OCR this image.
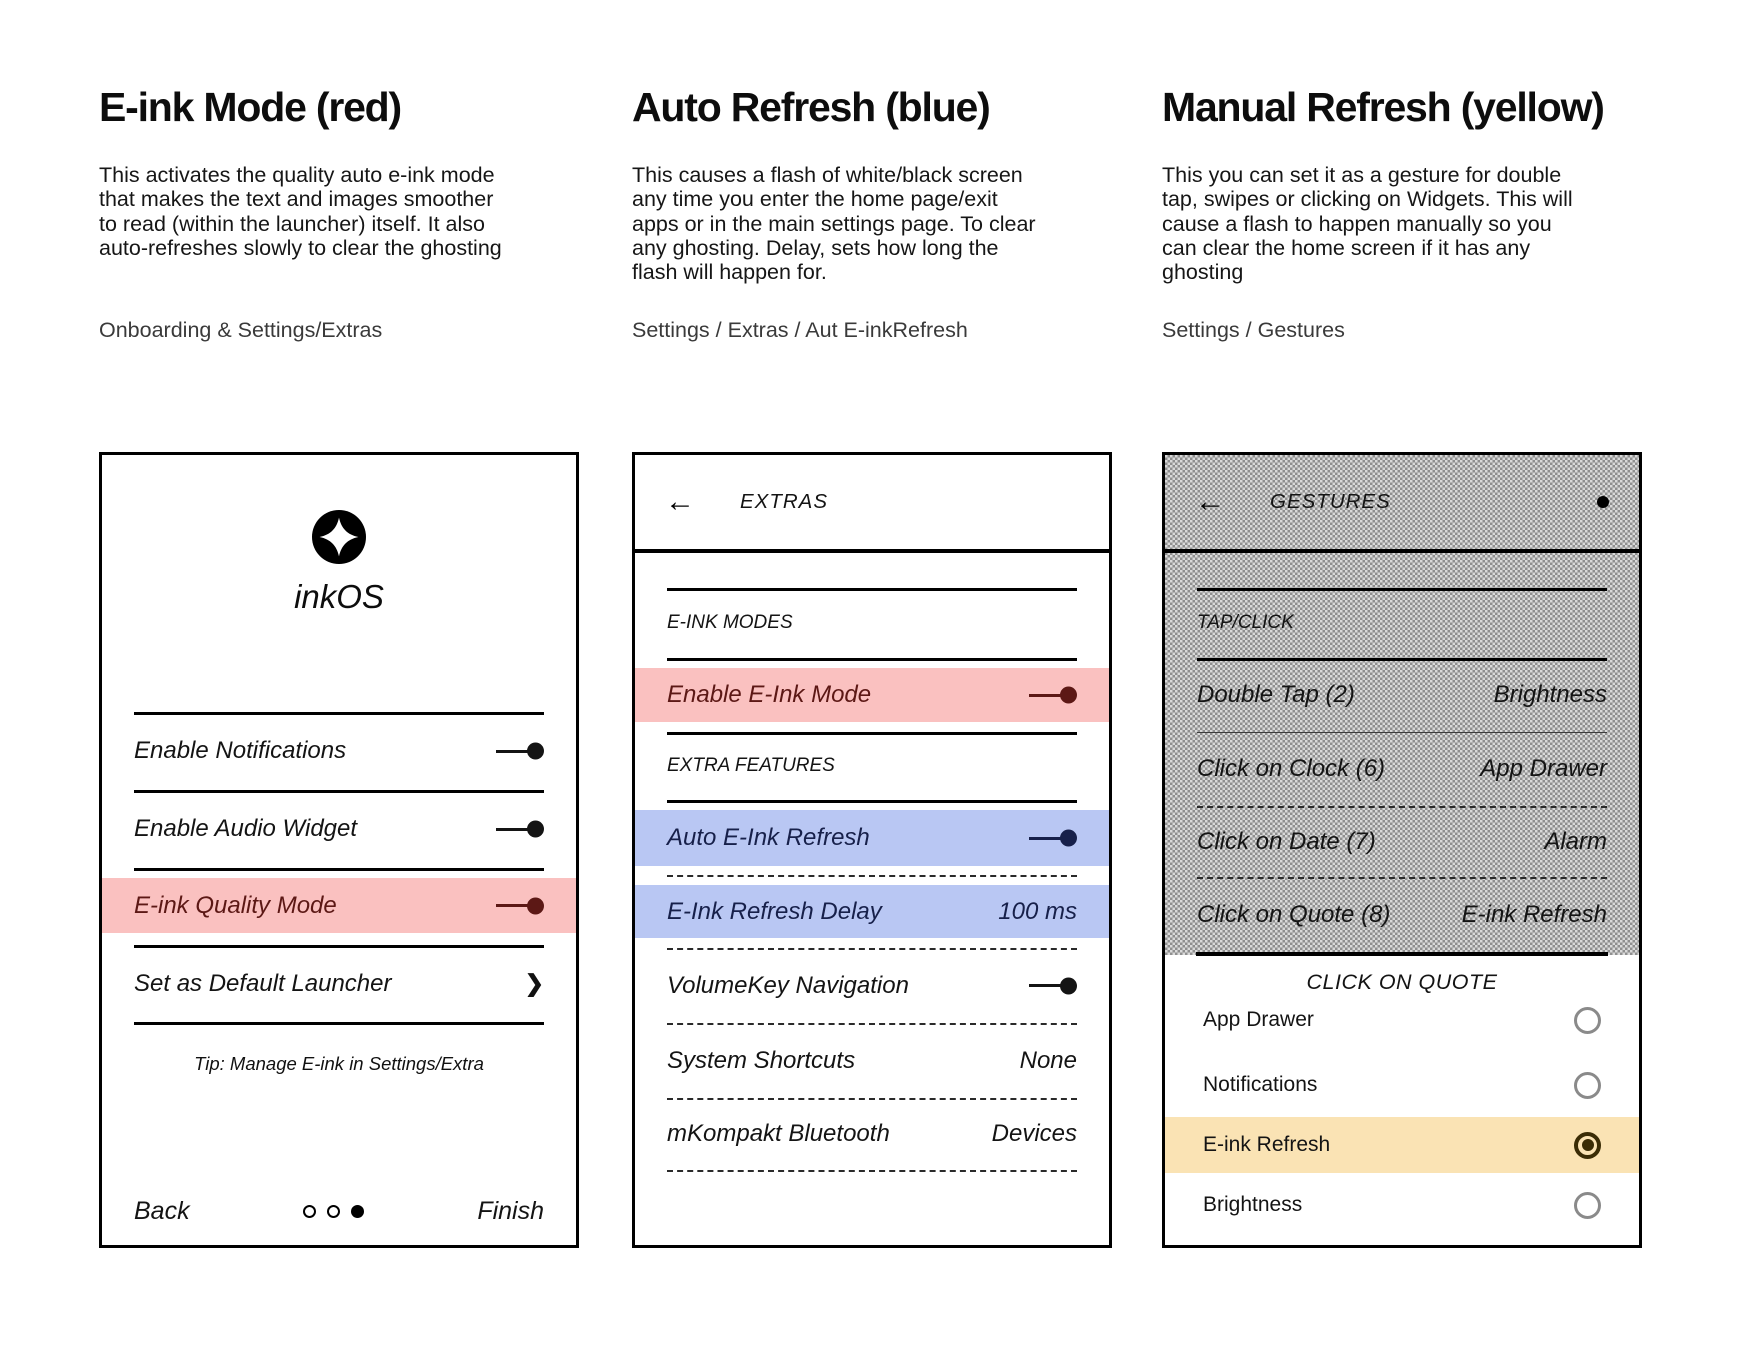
E-ink Mode (red)
This activates the quality auto e-ink mode that makes the text and images smoother to read (within the launcher) itself. It also auto-refreshes slowly to clear the ghosting
Onboarding & Settings/Extras
inkOS
Enable Notifications
Enable Audio Widget
E-ink Quality Mode
Set as Default Launcher	❯
Tip: Manage E-ink in Settings/Extra
Back	Finish
Auto Refresh (blue)
This causes a flash of white/black screen any time you enter the home page/exit apps or in the main settings page. To clear any ghosting. Delay, sets how long the flash will happen for.
Settings / Extras / Aut E-inkRefresh
← EXTRAS
E-INK MODES
Enable E-Ink Mode
EXTRA FEATURES
Auto E-Ink Refresh
E-Ink Refresh Delay	100 ms
VolumeKey Navigation
System Shortcuts	None
mKompakt Bluetooth	Devices
Manual Refresh (yellow)
This you can set it as a gesture for double tap, swipes or clicking on Widgets. This will cause a flash to happen manually so you can clear the home screen if it has any ghosting
Settings / Gestures
← GESTURES
TAP/CLICK
Double Tap (2)	Brightness
Click on Clock (6)	App Drawer
Click on Date (7)	Alarm
Click on Quote (8)	E-ink Refresh
CLICK ON QUOTE
App Drawer
Notifications
E-ink Refresh
Brightness
